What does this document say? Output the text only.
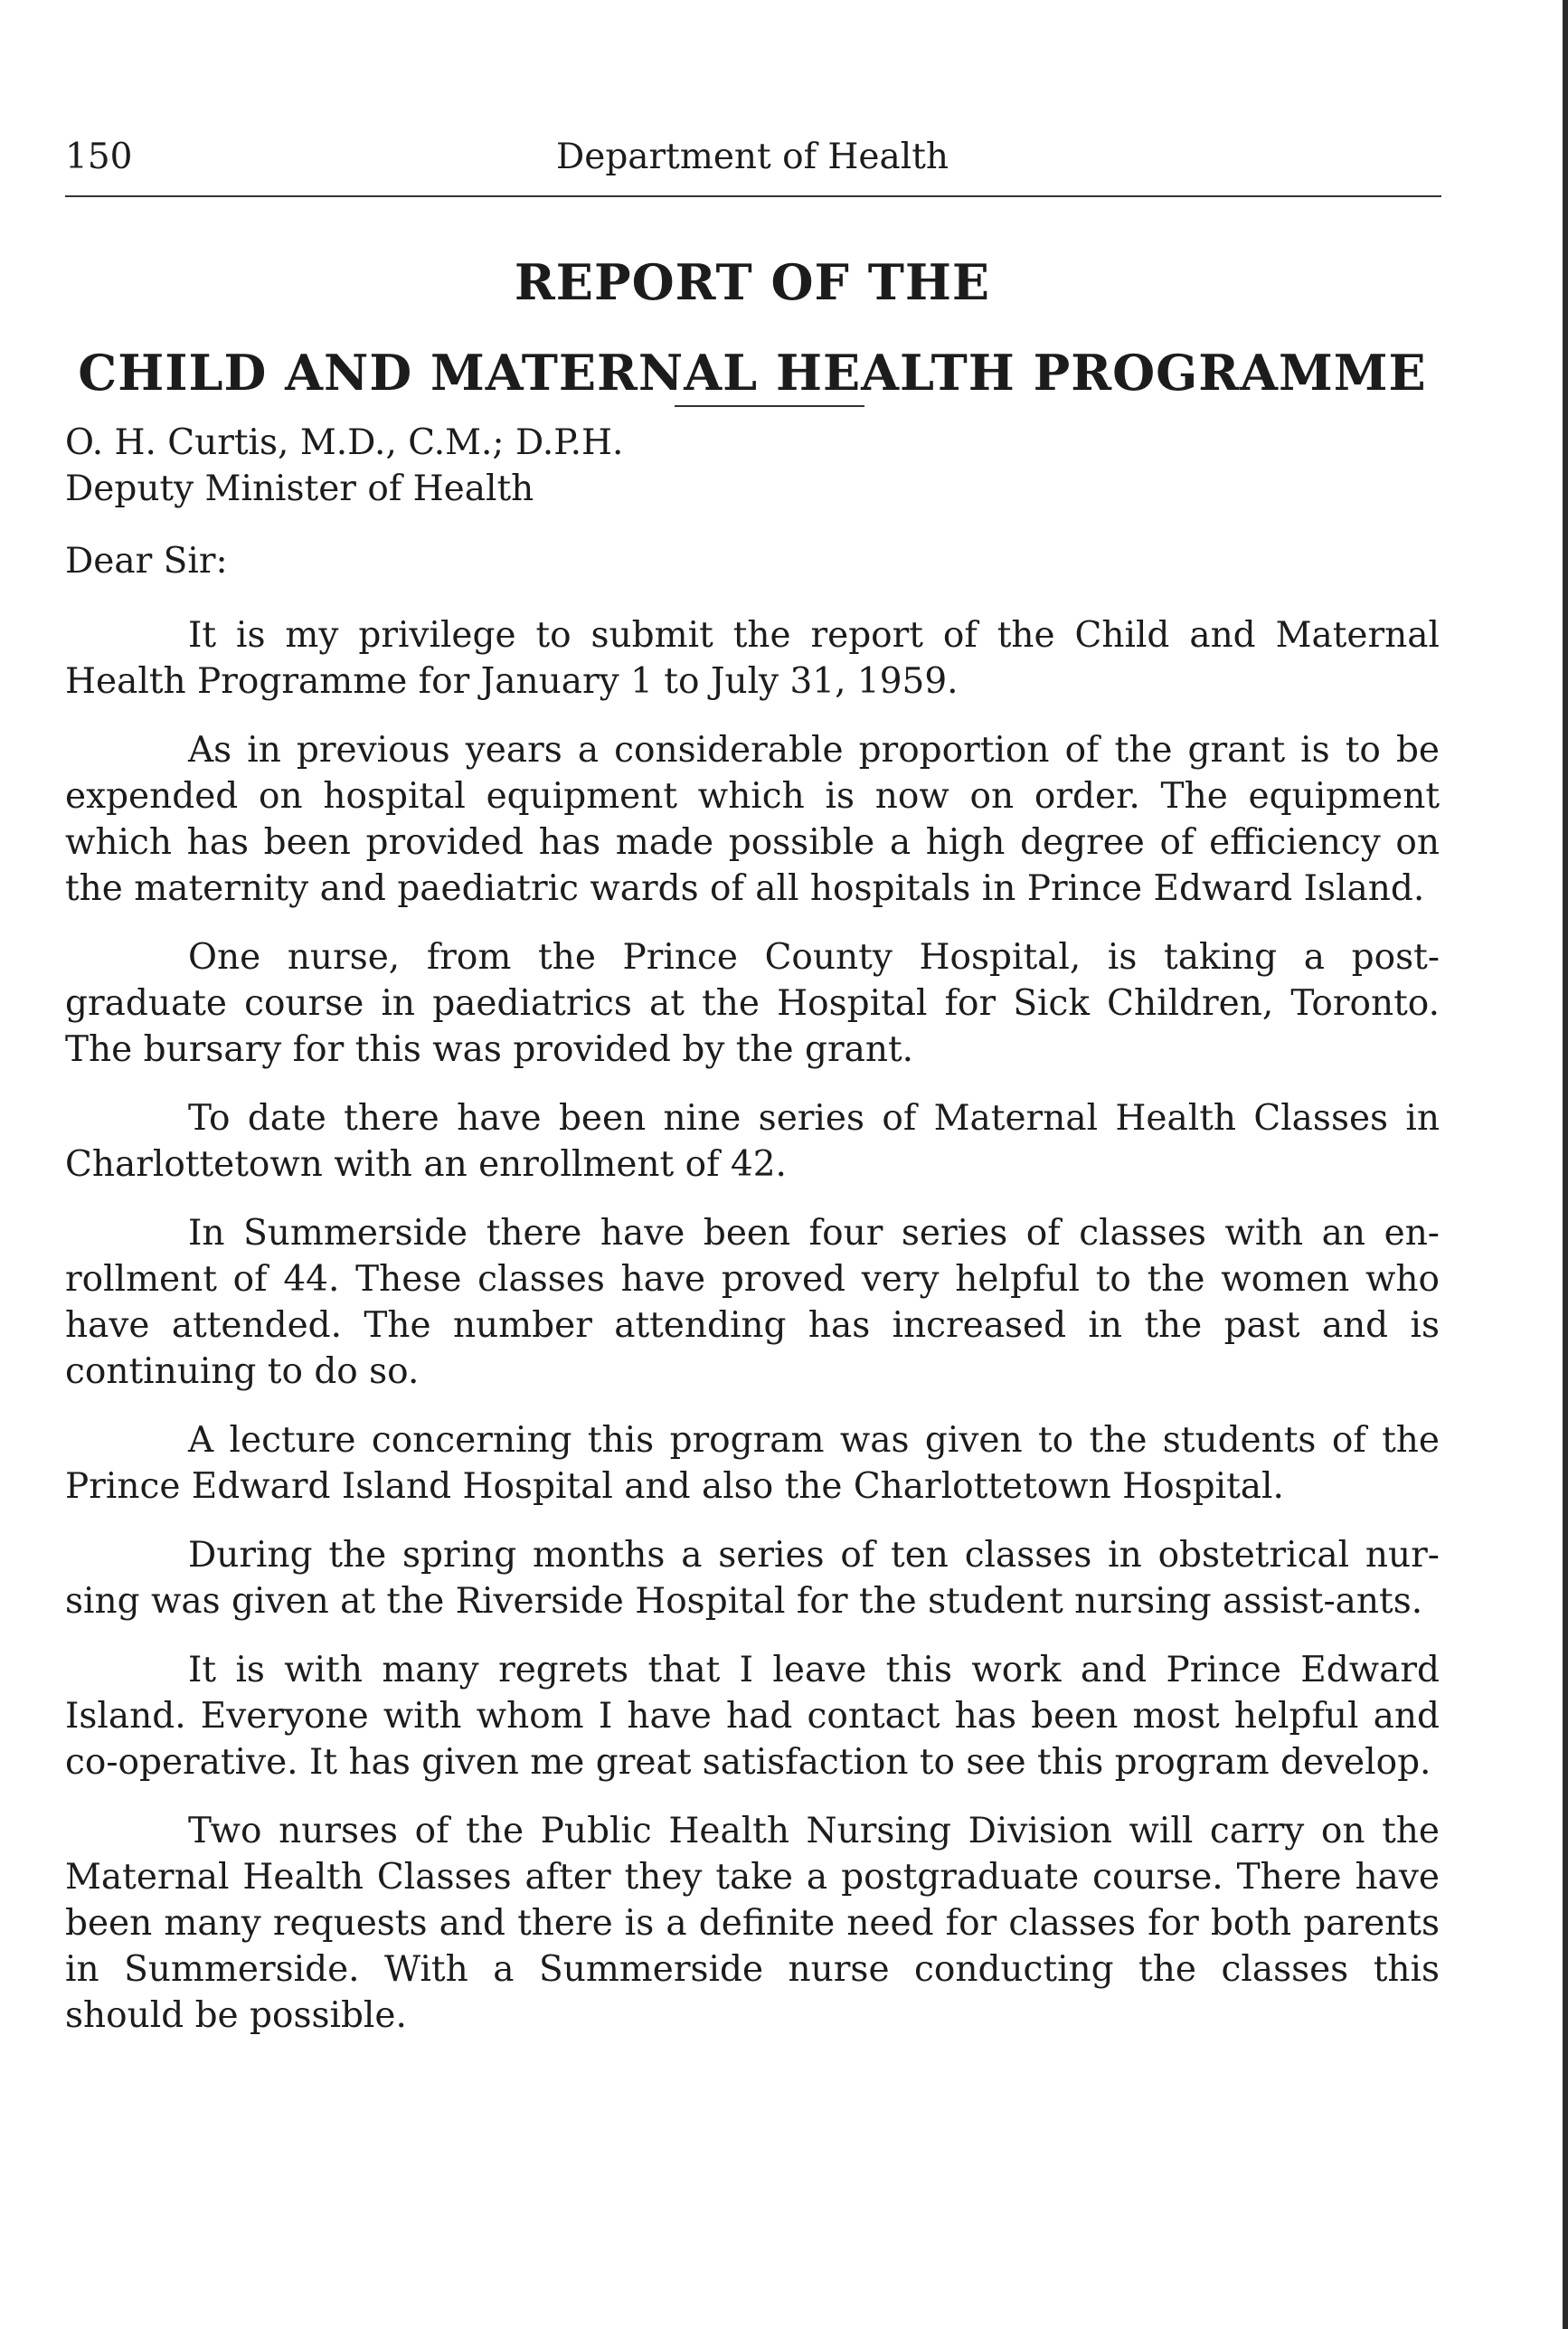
150	Department of Health
REPORT OF THE
CHILD AND MATERNAL HEALTH PROGRAMME

O. H. Curtis, M.D., C.M.; D.P.H.

Deputy Minister of Health

Dear Sir:

It is my privilege to submit the report of the Child and Maternal Health Programme for January 1 to July 31, 1959.

As in previous years a considerable proportion of the grant is to be expended on hospital equipment which is now on order. The equipment which has been provided has made possible a high degree of efficiency on the maternity and paediatric wards of all hospitals in Prince Edward Island.

One nurse, from the Prince County Hospital, is taking a post-graduate course in paediatrics at the Hospital for Sick Children, Toronto. The bursary for this was provided by the grant.

To date there have been nine series of Maternal Health Classes in Charlottetown with an enrollment of 42.

In Summerside there have been four series of classes with an en-rollment of 44. These classes have proved very helpful to the women who have attended. The number attending has increased in the past and is continuing to do so.

A lecture concerning this program was given to the students of the Prince Edward Island Hospital and also the Charlottetown Hospital.

During the spring months a series of ten classes in obstetrical nur-sing was given at the Riverside Hospital for the student nursing assist-ants.

It is with many regrets that I leave this work and Prince Edward Island. Everyone with whom I have had contact has been most helpful and co-operative. It has given me great satisfaction to see this program develop.

Two nurses of the Public Health Nursing Division will carry on the Maternal Health Classes after they take a postgraduate course. There have been many requests and there is a definite need for classes for both parents in Summerside. With a Summerside nurse conducting the classes this should be possible.
